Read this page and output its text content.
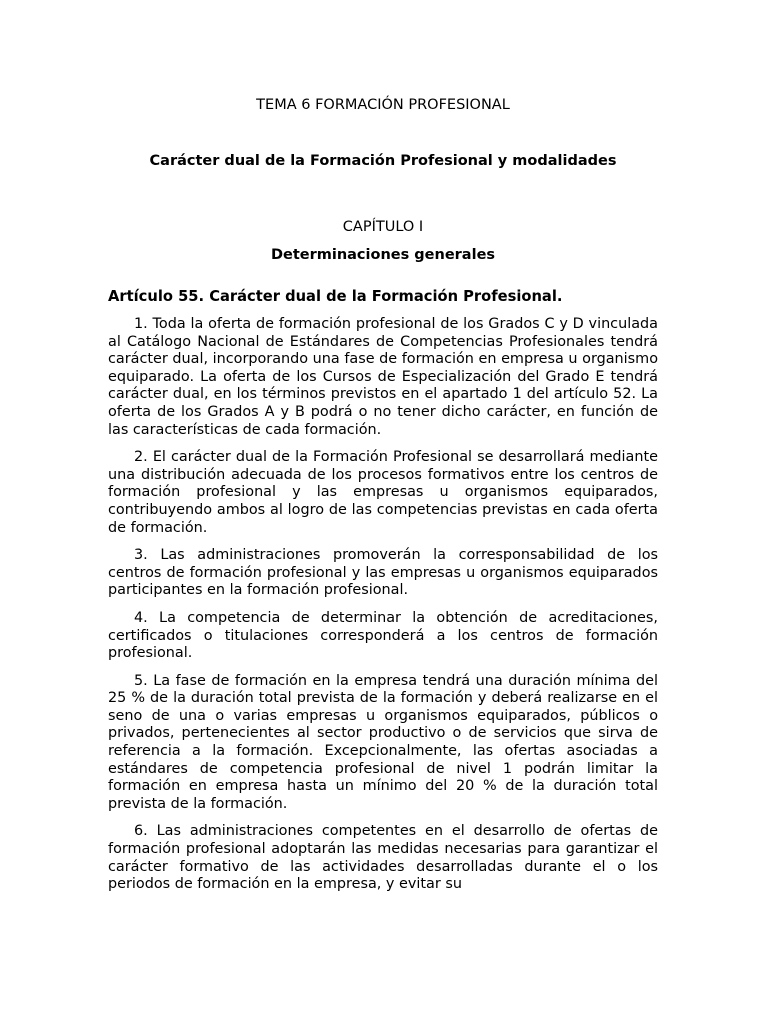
TEMA 6 FORMACIÓN PROFESIONAL
Carácter dual de la Formación Profesional y modalidades
CAPÍTULO I
Determinaciones generales
Artículo 55. Carácter dual de la Formación Profesional.

1. Toda la oferta de formación profesional de los Grados C y D vinculada al Catálogo Nacional de Estándares de Competencias Profesionales tendrá carácter dual, incorporando una fase de formación en empresa u organismo equiparado. La oferta de los Cursos de Especialización del Grado E tendrá carácter dual, en los términos previstos en el apartado 1 del artículo 52. La oferta de los Grados A y B podrá o no tener dicho carácter, en función de las características de cada formación.

2. El carácter dual de la Formación Profesional se desarrollará mediante una distribución adecuada de los procesos formativos entre los centros de formación profesional y las empresas u organismos equiparados, contribuyendo ambos al logro de las competencias previstas en cada oferta de formación.

3. Las administraciones promoverán la corresponsabilidad de los centros de formación profesional y las empresas u organismos equiparados participantes en la formación profesional.

4. La competencia de determinar la obtención de acreditaciones, certificados o titulaciones corresponderá a los centros de formación profesional.

5. La fase de formación en la empresa tendrá una duración mínima del 25 % de la duración total prevista de la formación y deberá realizarse en el seno de una o varias empresas u organismos equiparados, públicos o privados, pertenecientes al sector productivo o de servicios que sirva de referencia a la formación. Excepcionalmente, las ofertas asociadas a estándares de competencia profesional de nivel 1 podrán limitar la formación en empresa hasta un mínimo del 20 % de la duración total prevista de la formación.

6. Las administraciones competentes en el desarrollo de ofertas de formación profesional adoptarán las medidas necesarias para garantizar el carácter formativo de las actividades desarrolladas durante el o los periodos de formación en la empresa, y evitar su
